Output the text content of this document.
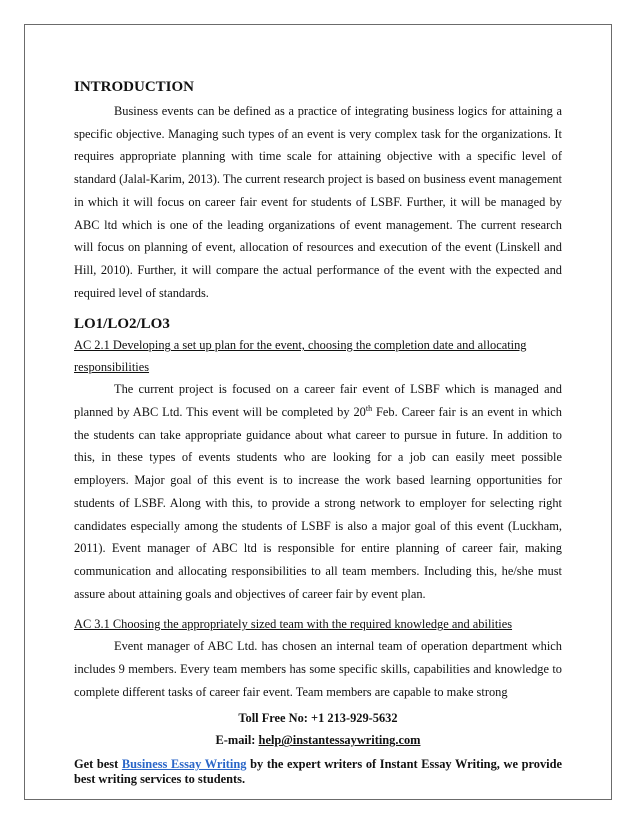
INTRODUCTION

Business events can be defined as a practice of integrating business logics for attaining a specific objective. Managing such types of an event is very complex task for the organizations. It requires appropriate planning with time scale for attaining objective with a specific level of standard (Jalal-Karim, 2013). The current research project is based on business event management in which it will focus on career fair event for students of LSBF. Further, it will be managed by ABC ltd which is one of the leading organizations of event management. The current research will focus on planning of event, allocation of resources and execution of the event (Linskell and Hill, 2010). Further, it will compare the actual performance of the event with the expected and required level of standards.

LO1/LO2/LO3

AC 2.1 Developing a set up plan for the event, choosing the completion date and allocating responsibilities

The current project is focused on a career fair event of LSBF which is managed and planned by ABC Ltd. This event will be completed by 20th Feb. Career fair is an event in which the students can take appropriate guidance about what career to pursue in future. In addition to this, in these types of events students who are looking for a job can easily meet possible employers. Major goal of this event is to increase the work based learning opportunities for students of LSBF. Along with this, to provide a strong network to employer for selecting right candidates especially among the students of LSBF is also a major goal of this event (Luckham, 2011). Event manager of ABC ltd is responsible for entire planning of career fair, making communication and allocating responsibilities to all team members. Including this, he/she must assure about attaining goals and objectives of career fair by event plan.

AC 3.1 Choosing the appropriately sized team with the required knowledge and abilities

Event manager of ABC Ltd. has chosen an internal team of operation department which includes 9 members. Every team members has some specific skills, capabilities and knowledge to complete different tasks of career fair event. Team members are capable to make strong

Toll Free No: +1 213-929-5632
E-mail: help@instantessaywriting.com
Get best Business Essay Writing by the expert writers of Instant Essay Writing, we provide best writing services to students.
